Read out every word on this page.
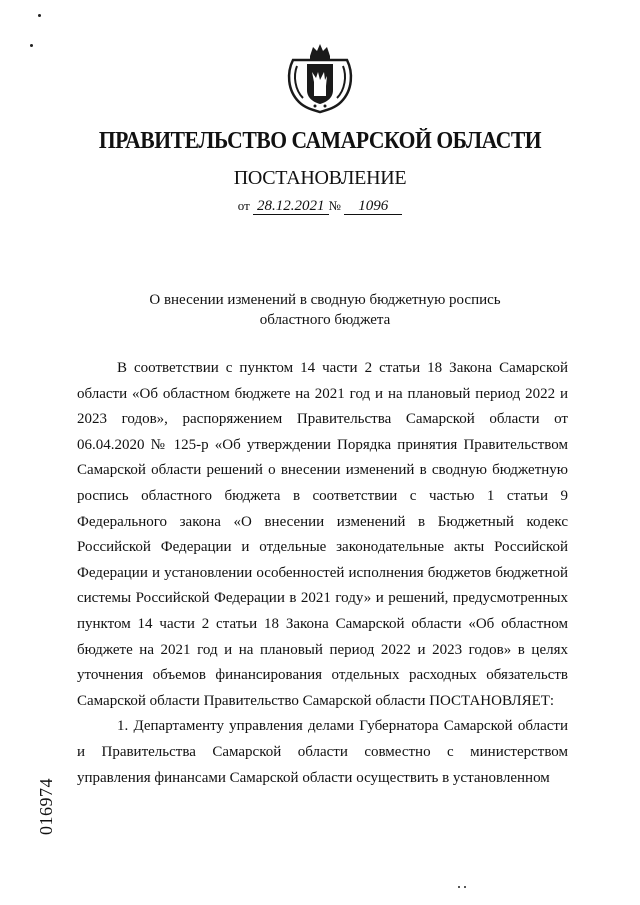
ПРАВИТЕЛЬСТВО САМАРСКОЙ ОБЛАСТИ
ПОСТАНОВЛЕНИЕ
от 28.12.2021 № 1096
О внесении изменений в сводную бюджетную роспись
областного бюджета

В соответствии с пунктом 14 части 2 статьи 18 Закона Самарской области «Об областном бюджете на 2021 год и на плановый период 2022 и 2023 годов», распоряжением Правительства Самарской области от 06.04.2020 № 125-р «Об утверждении Порядка принятия Правительством Самарской области решений о внесении изменений в сводную бюджетную роспись областного бюджета в соответствии с частью 1 статьи 9 Федерального закона «О внесении изменений в Бюджетный кодекс Российской Федерации и отдельные законодательные акты Российской Федерации и установлении особенностей исполнения бюджетов бюджетной системы Российской Федерации в 2021 году» и решений, предусмотренных пунктом 14 части 2 статьи 18 Закона Самарской области «Об областном бюджете на 2021 год и на плановый период 2022 и 2023 годов» в целях уточнения объемов финансирования отдельных расходных обязательств Самарской области Правительство Самарской области ПОСТАНОВЛЯЕТ:

1. Департаменту управления делами Губернатора Самарской области и Правительства Самарской области совместно с министерством управления финансами Самарской области осуществить в установленном

016974
